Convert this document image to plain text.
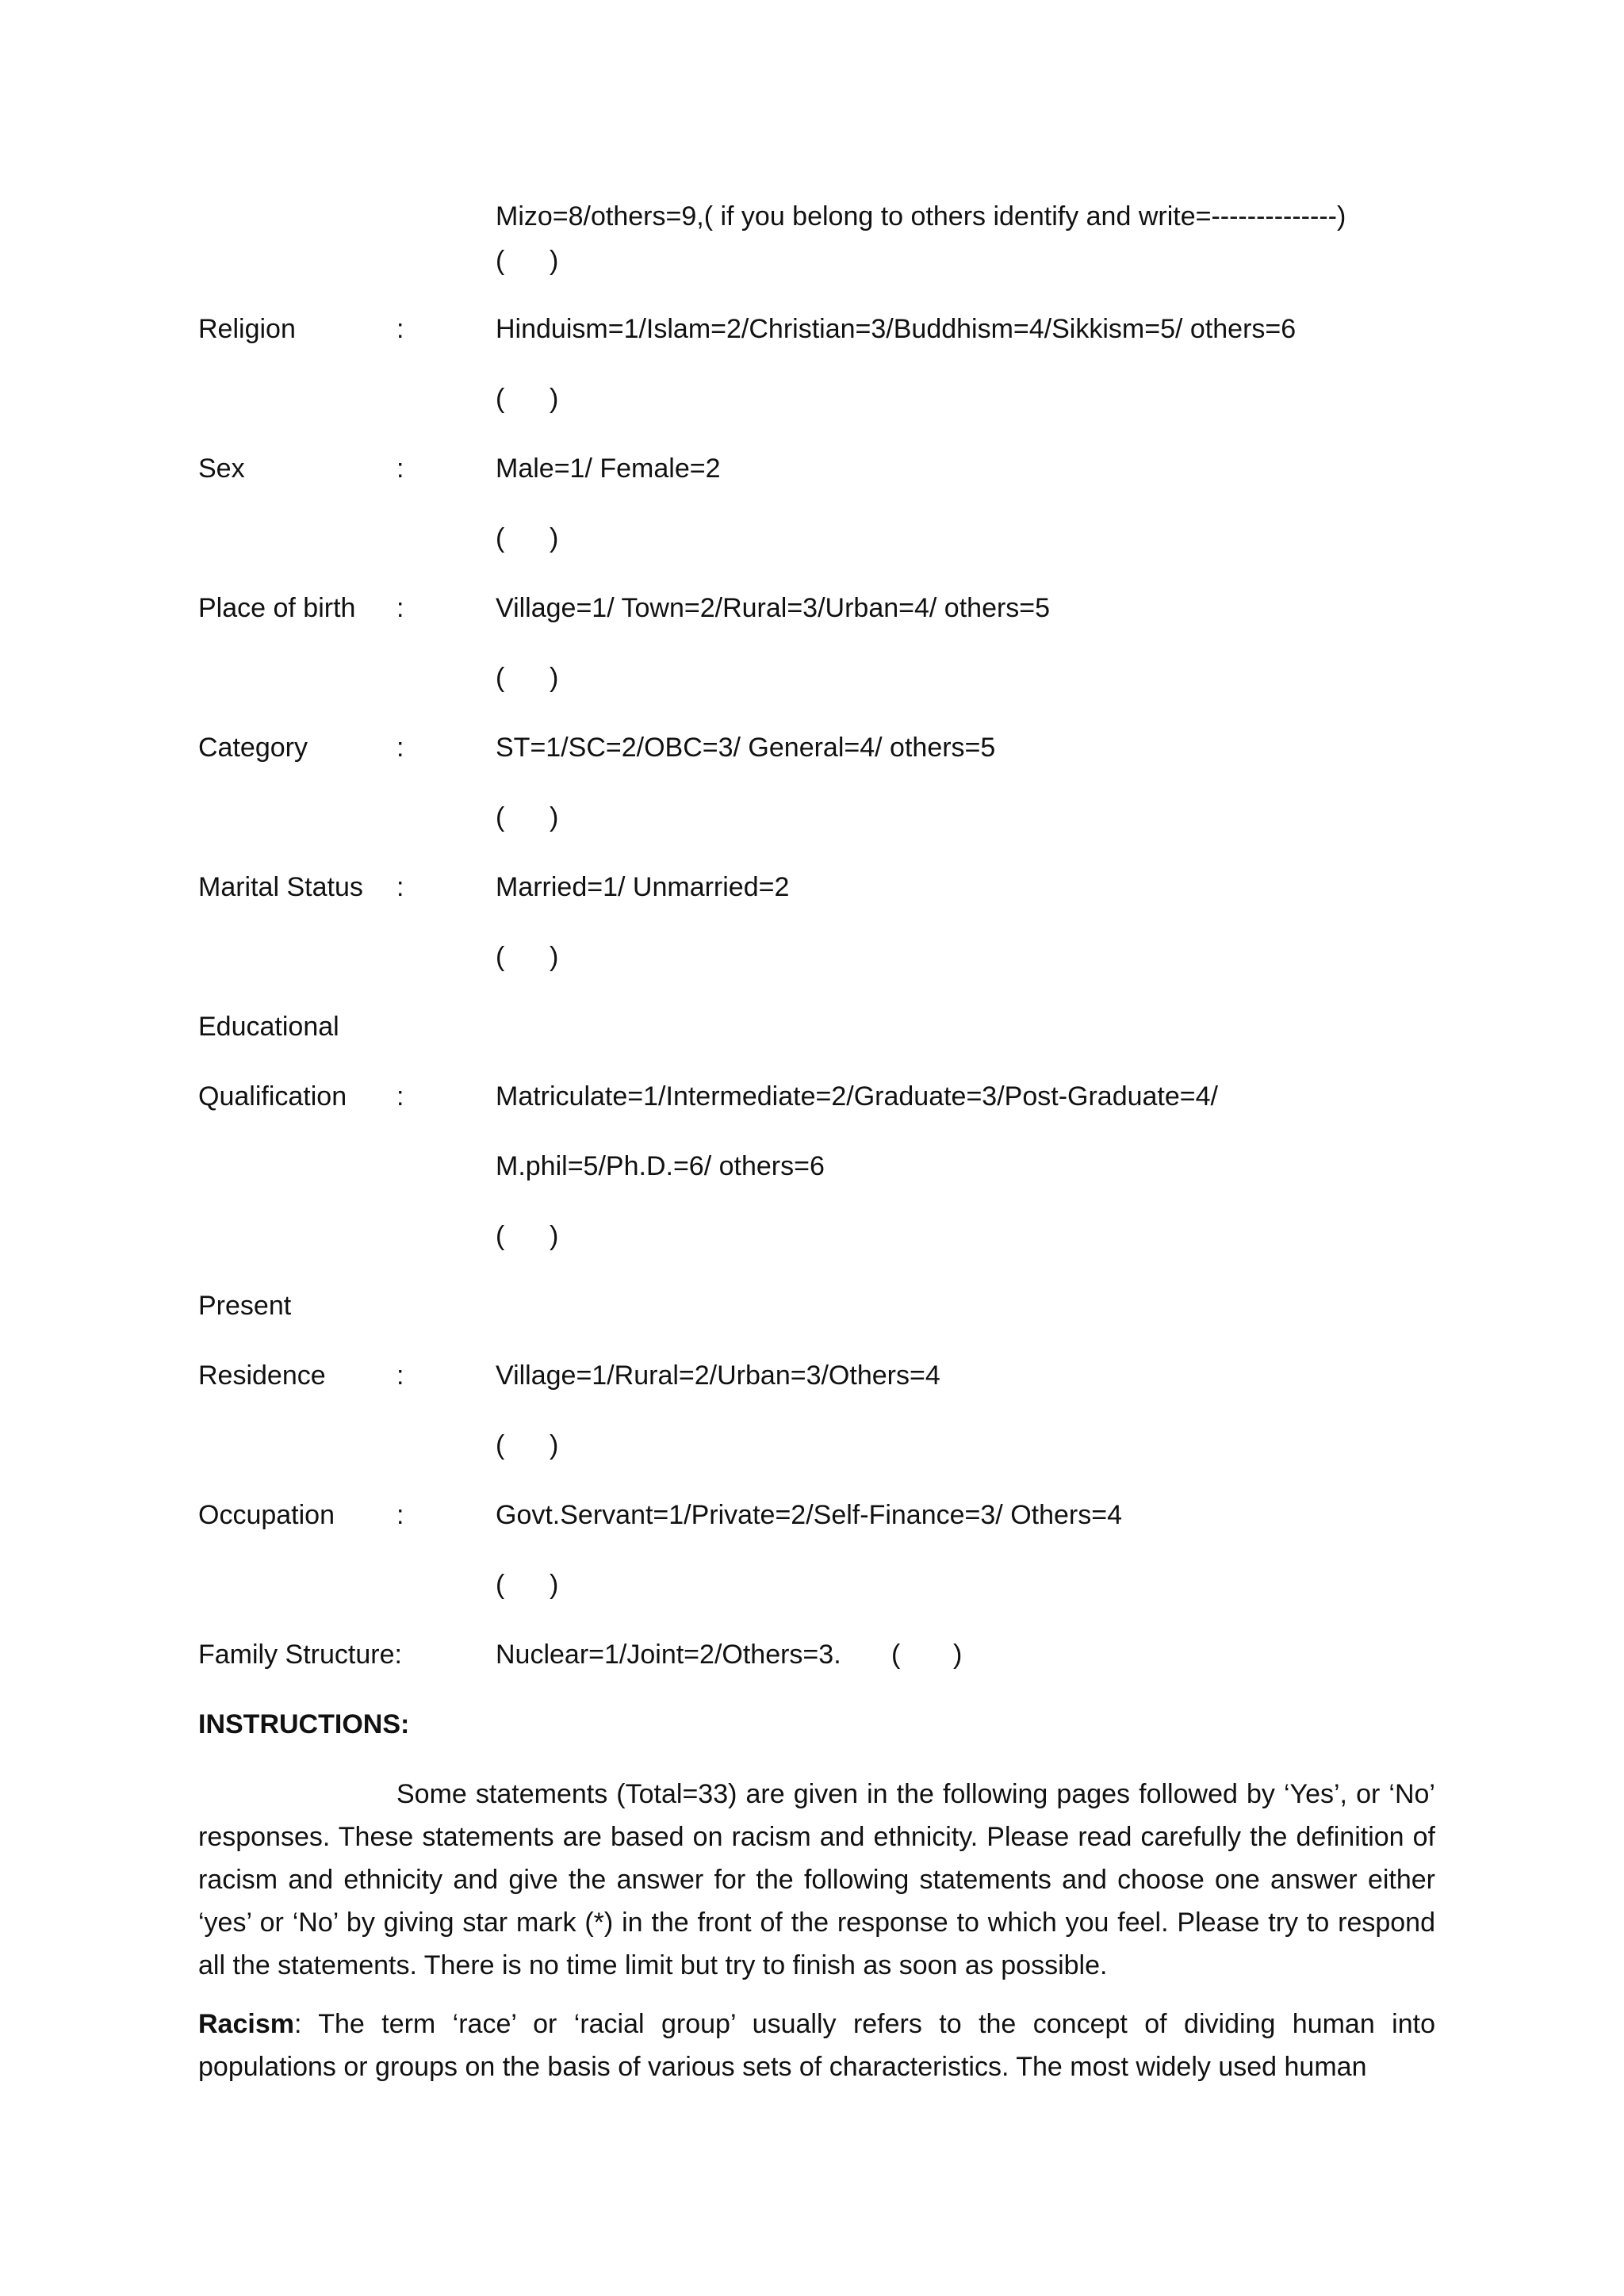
Mizo=8/others=9,( if you belong to others identify and write=--------------)
(      )
Religion	:	Hinduism=1/Islam=2/Christian=3/Buddhism=4/Sikkism=5/ others=6
(      )
Sex	:	Male=1/ Female=2
(      )
Place of birth :	Village=1/ Town=2/Rural=3/Urban=4/ others=5
(      )
Category	:	ST=1/SC=2/OBC=3/ General=4/ others=5
(      )
Marital Status :	Married=1/ Unmarried=2
(      )
Educational
Qualification :	Matriculate=1/Intermediate=2/Graduate=3/Post-Graduate=4/
M.phil=5/Ph.D.=6/ others=6
(      )
Present
Residence	:	Village=1/Rural=2/Urban=3/Others=4
(      )
Occupation :	Govt.Servant=1/Private=2/Self-Finance=3/ Others=4
(      )
Family Structure:	Nuclear=1/Joint=2/Others=3. ( )
INSTRUCTIONS:

Some statements (Total=33) are given in the following pages followed by ‘Yes’, or ‘No’ responses. These statements are based on racism and ethnicity. Please read carefully the definition of racism and ethnicity and give the answer for the following statements and choose one answer either ‘yes’ or ‘No’ by giving star mark (*) in the front of the response to which you feel. Please try to respond all the statements. There is no time limit but try to finish as soon as possible.

Racism: The term ‘race’ or ‘racial group’ usually refers to the concept of dividing human into populations or groups on the basis of various sets of characteristics. The most widely used human
